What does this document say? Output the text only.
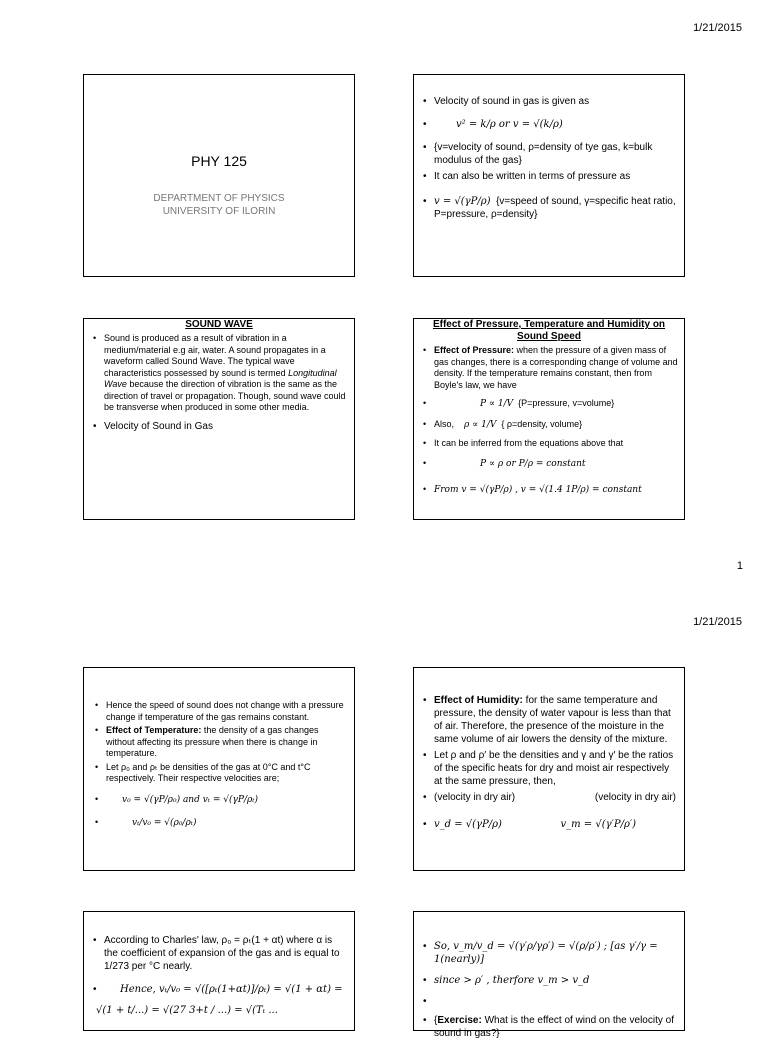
1/21/2015
PHY 125
DEPARTMENT OF PHYSICS
UNIVERSITY OF ILORIN
• Velocity of sound in gas is given as
• v² = k/ρ or v = √(k/ρ)
• {v=velocity of sound, ρ=density of tye gas, k=bulk modulus of the gas}
• It can also be written in terms of pressure as
• v = √(γP/ρ) {v=speed of sound, γ=specific heat ratio, P=pressure, ρ=density}
SOUND WAVE
• Sound is produced as a result of vibration in a medium/material e.g air, water. A sound propagates in a waveform called Sound Wave. The typical wave characteristics possessed by sound is termed Longitudinal Wave because the direction of vibration is the same as the direction of travel or propagation. Though, sound wave could be transverse when produced in some other media.
• Velocity of Sound in Gas
Effect of Pressure, Temperature and Humidity on Sound Speed
• Effect of Pressure: when the pressure of a given mass of gas changes, there is a corresponding change of volume and density. If the temperature remains constant, then from Boyle's law, we have
• P ∝ 1/V {P=pressure, v=volume}
• Also, ρ ∝ 1/V { ρ=density, volume}
• It can be inferred from the equations above that
• P ∝ ρ or P/ρ = constant
• From v = √(γP/ρ) , v = √(1.4 1P/ρ) = constant
1
1/21/2015
• Hence the speed of sound does not change with a pressure change if temperature of the gas remains constant.
• Effect of Temperature: the density of a gas changes without affecting its pressure when there is change in temperature.
• Let ρ₀ and ρₜ be densities of the gas at 0°C and t°C respectively. Their respective velocities are;
• v₀ = √(γP/ρ₀) and vₜ = √(γP/ρₜ)
• vₜ/v₀ = √(ρ₀/ρₜ)
• Effect of Humidity: for the same temperature and pressure, the density of water vapour is less than that of air. Therefore, the presence of the moisture in the same volume of air lowers the density of the mixture.
• Let ρ and ρ′ be the densities and γ and γ′ be the ratios of the specific heats for dry and moist air respectively at the same pressure, then,
• (velocity in dry air)	(velocity in dry air)
• v_d = √(γP/ρ)	v_m = √(γ′P/ρ′)
• According to Charles' law, ρ₀ = ρₜ(1 + αt) where α is the coefficient of expansion of the gas and is equal to 1/273 per °C nearly.
• Hence, vₜ/v₀ = √([ρₜ(1+αt)]/ρₜ) = √(1 + αt) =
√(1 + t/...) = √(27 3+t / ...) = √(Tₜ ...
• So, v_m/v_d = √(γ′ρ/γρ′) = √(ρ/ρ′) ; [as γ′/γ = 1(nearly)]
• since > ρ′ , therfore v_m > v_d
•
• {Exercise: What is the effect of wind on the velocity of sound in gas?}
